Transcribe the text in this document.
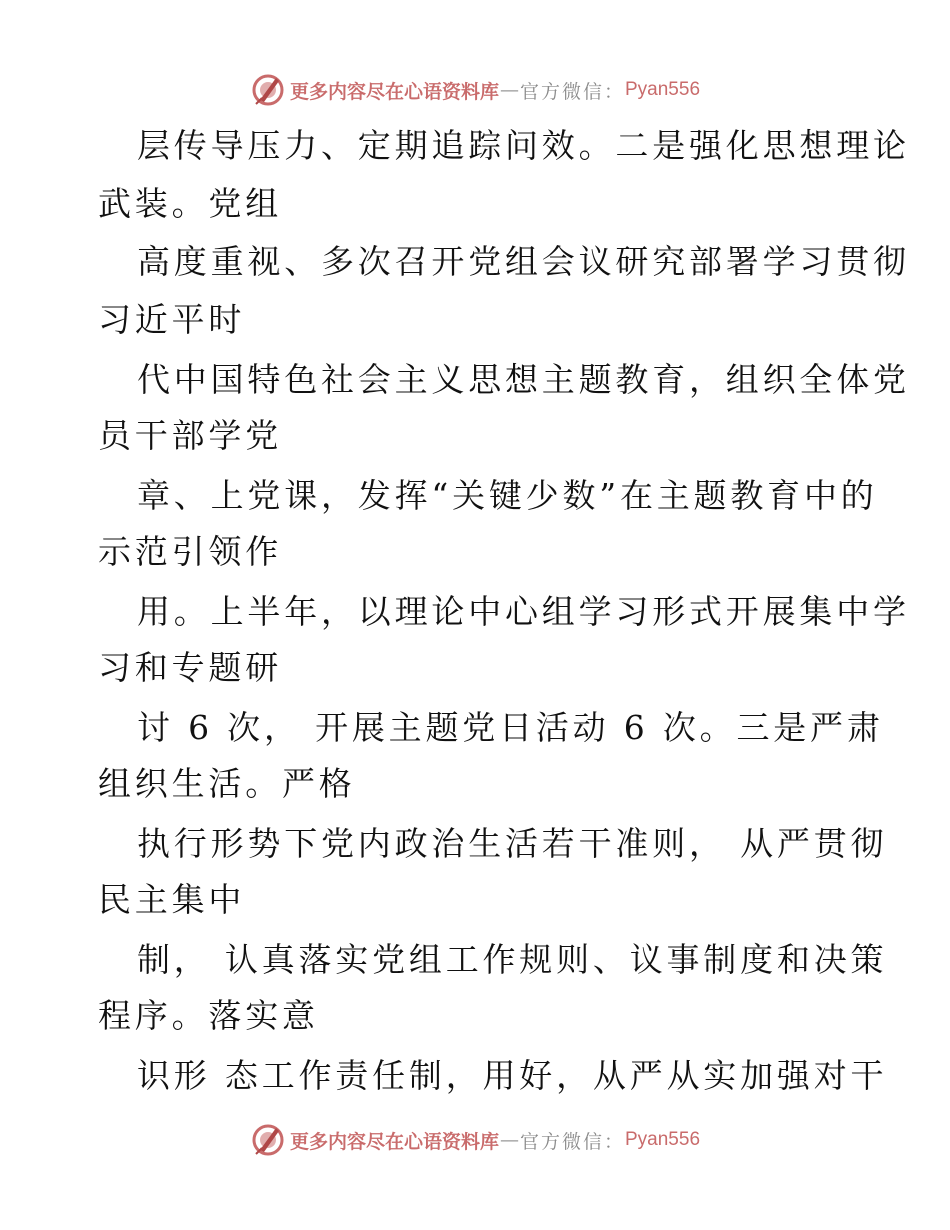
更多内容尽在心语资料库 — 官方微信： Pyan556
层传导压力、定期追踪问效。二是强化思想理论
武装。党组
高度重视、多次召开党组会议研究部署学习贯彻
习近平时
代中国特色社会主义思想主题教育，组织全体党
员干部学党
章、上党课，发挥“关键少数”在主题教育中的
示范引领作
用。上半年，以理论中心组学习形式开展集中学
习和专题研
讨 6 次， 开展主题党日活动 6 次。三是严肃
组织生活。严格
执行形势下党内政治生活若干准则， 从严贯彻
民主集中
制， 认真落实党组工作规则、议事制度和决策
程序。落实意
识形 态工作责任制，用好，从严从实加强对干
更多内容尽在心语资料库 — 官方微信： Pyan556
